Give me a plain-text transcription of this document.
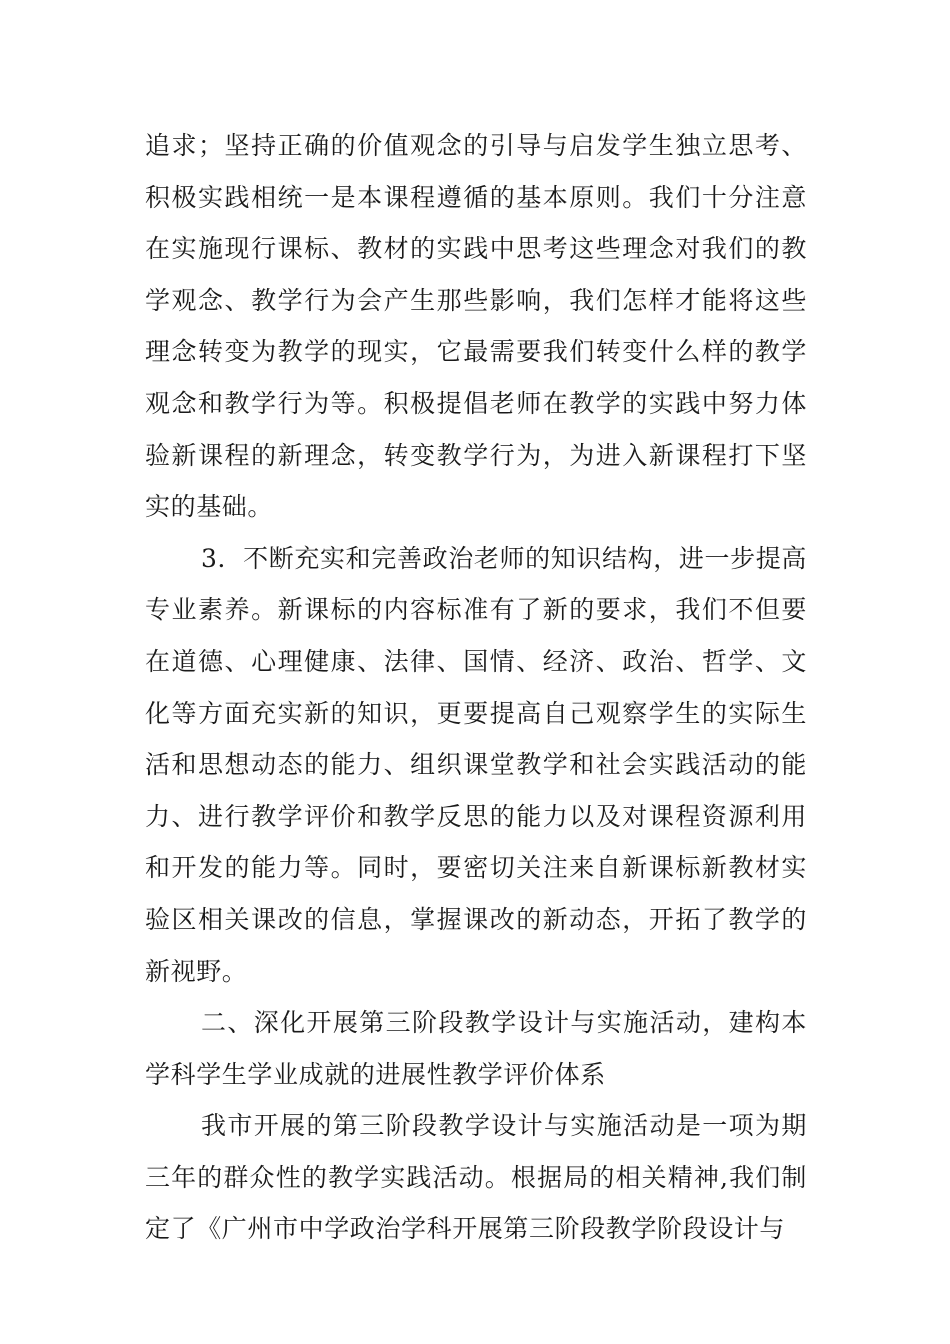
追求；坚持正确的价值观念的引导与启发学生独立思考、积极实践相统一是本课程遵循的基本原则。我们十分注意在实施现行课标、教材的实践中思考这些理念对我们的教学观念、教学行为会产生那些影响，我们怎样才能将这些理念转变为教学的现实，它最需要我们转变什么样的教学观念和教学行为等。积极提倡老师在教学的实践中努力体验新课程的新理念，转变教学行为，为进入新课程打下坚实的基础。

3．不断充实和完善政治老师的知识结构，进一步提高专业素养。新课标的内容标准有了新的要求，我们不但要在道德、心理健康、法律、国情、经济、政治、哲学、文化等方面充实新的知识，更要提高自己观察学生的实际生活和思想动态的能力、组织课堂教学和社会实践活动的能力、进行教学评价和教学反思的能力以及对课程资源利用和开发的能力等。同时，要密切关注来自新课标新教材实验区相关课改的信息，掌握课改的新动态，开拓了教学的新视野。

二、深化开展第三阶段教学设计与实施活动，建构本学科学生学业成就的进展性教学评价体系

我市开展的第三阶段教学设计与实施活动是一项为期三年的群众性的教学实践活动。根据局的相关精神,我们制定了《广州市中学政治学科开展第三阶段教学阶段设计与
